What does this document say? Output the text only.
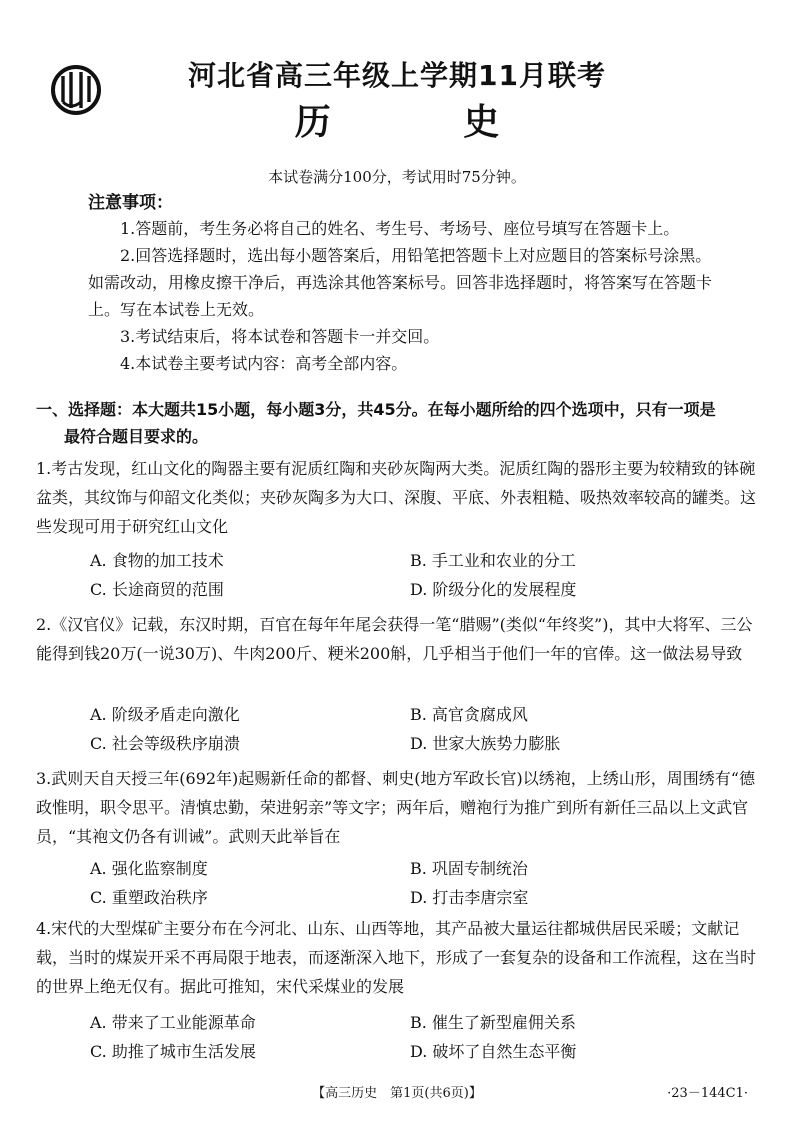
河北省高三年级上学期11月联考
历 史
本试卷满分100分，考试用时75分钟。
注意事项：
1.答题前，考生务必将自己的姓名、考生号、考场号、座位号填写在答题卡上。
2.回答选择题时，选出每小题答案后，用铅笔把答题卡上对应题目的答案标号涂黑。如需改动，用橡皮擦干净后，再选涂其他答案标号。回答非选择题时，将答案写在答题卡上。写在本试卷上无效。
3.考试结束后，将本试卷和答题卡一并交回。
4.本试卷主要考试内容：高考全部内容。
一、选择题：本大题共15小题，每小题3分，共45分。在每小题所给的四个选项中，只有一项是
最符合题目要求的。
1.考古发现，红山文化的陶器主要有泥质红陶和夹砂灰陶两大类。泥质红陶的器形主要为较精致的钵碗盆类，其纹饰与仰韶文化类似；夹砂灰陶多为大口、深腹、平底、外表粗糙、吸热效率较高的罐类。这些发现可用于研究红山文化
A. 食物的加工技术	B. 手工业和农业的分工
C. 长途商贸的范围	D. 阶级分化的发展程度
2.《汉官仪》记载，东汉时期，百官在每年年尾会获得一笔“腊赐”(类似“年终奖”)，其中大将军、三公能得到钱20万(一说30万)、牛肉200斤、粳米200斛，几乎相当于他们一年的官俸。这一做法易导致
A. 阶级矛盾走向激化	B. 高官贪腐成风
C. 社会等级秩序崩溃	D. 世家大族势力膨胀
3.武则天自天授三年(692年)起赐新任命的都督、刺史(地方军政长官)以绣袍，上绣山形，周围绣有“德政惟明，职令思平。清慎忠勤，荣进躬亲”等文字；两年后，赠袍行为推广到所有新任三品以上文武官员，“其袍文仍各有训诫”。武则天此举旨在
A. 强化监察制度	B. 巩固专制统治
C. 重塑政治秩序	D. 打击李唐宗室
4.宋代的大型煤矿主要分布在今河北、山东、山西等地，其产品被大量运往都城供居民采暖；文献记载，当时的煤炭开采不再局限于地表，而逐渐深入地下，形成了一套复杂的设备和工作流程，这在当时的世界上绝无仅有。据此可推知，宋代采煤业的发展
A. 带来了工业能源革命	B. 催生了新型雇佣关系
C. 助推了城市生活发展	D. 破坏了自然生态平衡
【高三历史　第1页(共6页)】	·23－144C1·
